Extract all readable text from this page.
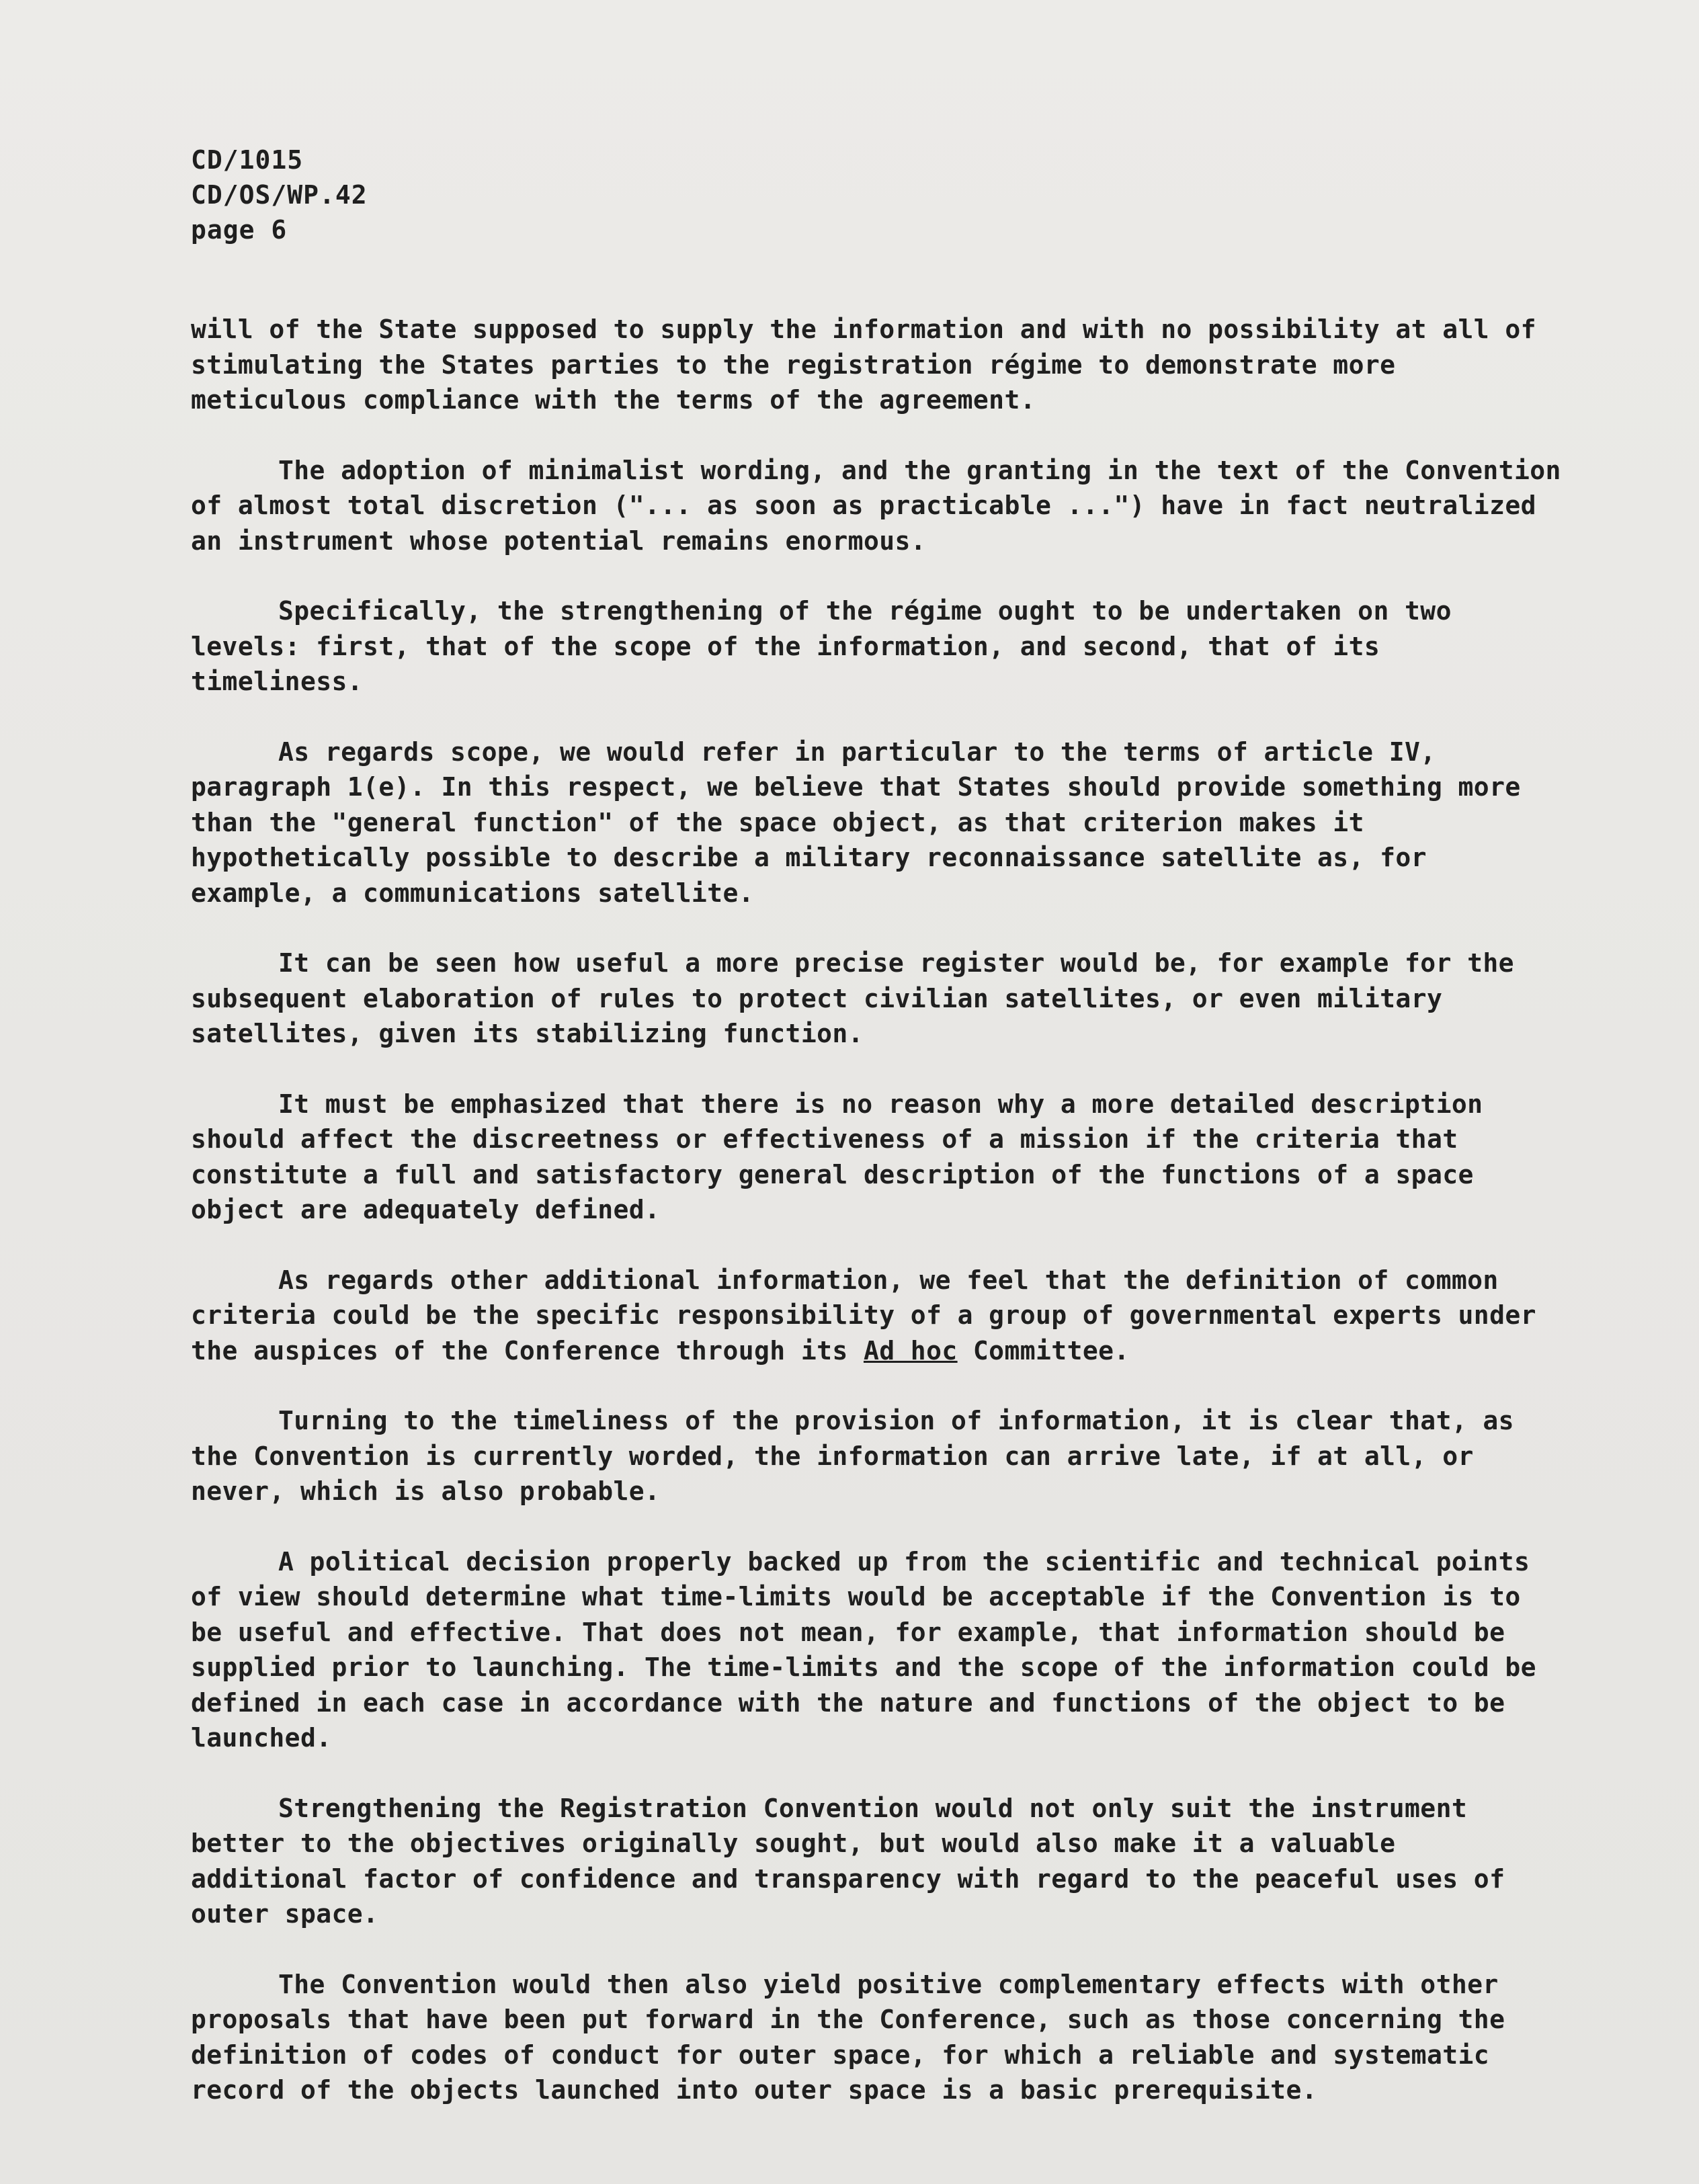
CD/1015
CD/OS/WP.42
page 6

will of the State supposed to supply the information and with no possibility at all of stimulating the States parties to the registration régime to demonstrate more meticulous compliance with the terms of the agreement.

The adoption of minimalist wording, and the granting in the text of the Convention of almost total discretion ("... as soon as practicable ...") have in fact neutralized an instrument whose potential remains enormous.

Specifically, the strengthening of the régime ought to be undertaken on two levels: first, that of the scope of the information, and second, that of its timeliness.

As regards scope, we would refer in particular to the terms of article IV, paragraph 1(e). In this respect, we believe that States should provide something more than the "general function" of the space object, as that criterion makes it hypothetically possible to describe a military reconnaissance satellite as, for example, a communications satellite.

It can be seen how useful a more precise register would be, for example for the subsequent elaboration of rules to protect civilian satellites, or even military satellites, given its stabilizing function.

It must be emphasized that there is no reason why a more detailed description should affect the discreetness or effectiveness of a mission if the criteria that constitute a full and satisfactory general description of the functions of a space object are adequately defined.

As regards other additional information, we feel that the definition of common criteria could be the specific responsibility of a group of governmental experts under the auspices of the Conference through its Ad hoc Committee.

Turning to the timeliness of the provision of information, it is clear that, as the Convention is currently worded, the information can arrive late, if at all, or never, which is also probable.

A political decision properly backed up from the scientific and technical points of view should determine what time-limits would be acceptable if the Convention is to be useful and effective. That does not mean, for example, that information should be supplied prior to launching. The time-limits and the scope of the information could be defined in each case in accordance with the nature and functions of the object to be launched.

Strengthening the Registration Convention would not only suit the instrument better to the objectives originally sought, but would also make it a valuable additional factor of confidence and transparency with regard to the peaceful uses of outer space.

The Convention would then also yield positive complementary effects with other proposals that have been put forward in the Conference, such as those concerning the definition of codes of conduct for outer space, for which a reliable and systematic record of the objects launched into outer space is a basic prerequisite.
